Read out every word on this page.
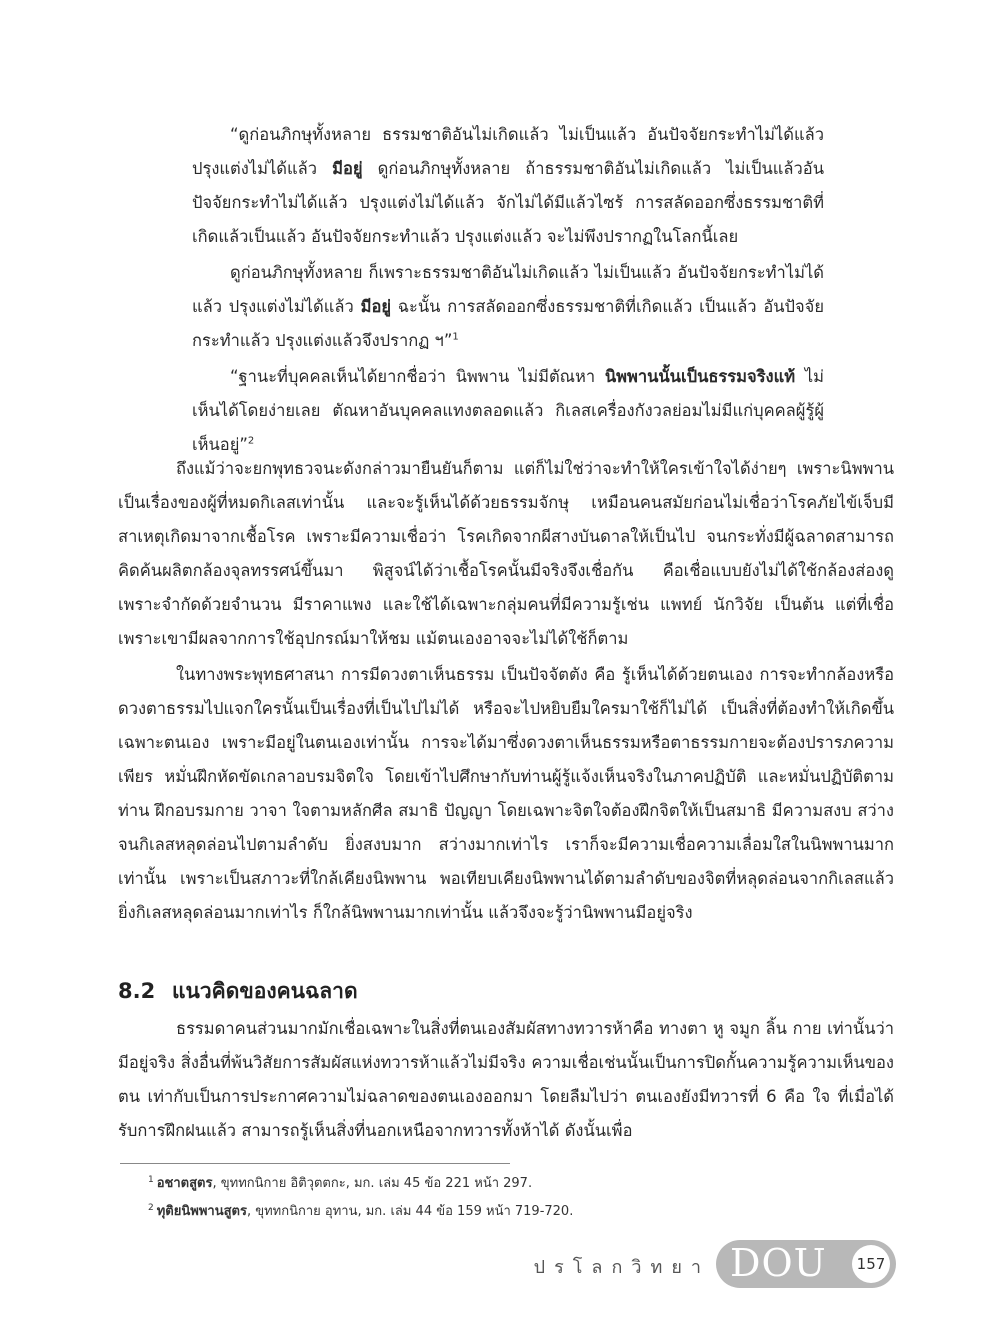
“ดูก่อนภิกษุทั้งหลาย ธรรมชาติอันไม่เกิดแล้ว ไม่เป็นแล้ว อันปัจจัยกระทำไม่ได้แล้ว ปรุงแต่งไม่ได้แล้ว มีอยู่ ดูก่อนภิกษุทั้งหลาย ถ้าธรรมชาติอันไม่เกิดแล้ว ไม่เป็นแล้วอันปัจจัยกระทำไม่ได้แล้ว ปรุงแต่งไม่ได้แล้ว จักไม่ได้มีแล้วไซร้ การสลัดออกซึ่งธรรมชาติที่เกิดแล้วเป็นแล้ว อันปัจจัยกระทำแล้ว ปรุงแต่งแล้ว จะไม่พึงปรากฏในโลกนี้เลย

ดูก่อนภิกษุทั้งหลาย ก็เพราะธรรมชาติอันไม่เกิดแล้ว ไม่เป็นแล้ว อันปัจจัยกระทำไม่ได้แล้ว ปรุงแต่งไม่ได้แล้ว มีอยู่ ฉะนั้น การสลัดออกซึ่งธรรมชาติที่เกิดแล้ว เป็นแล้ว อันปัจจัยกระทำแล้ว ปรุงแต่งแล้วจึงปรากฏ ฯ”$^1$

“ฐานะที่บุคคลเห็นได้ยากชื่อว่า นิพพาน ไม่มีตัณหา นิพพานนั้นเป็นธรรมจริงแท้ ไม่เห็นได้โดยง่ายเลย ตัณหาอันบุคคลแทงตลอดแล้ว กิเลสเครื่องกังวลย่อมไม่มีแก่บุคคลผู้รู้ผู้เห็นอยู่”$^2$

ถึงแม้ว่าจะยกพุทธวจนะดังกล่าวมายืนยันก็ตาม แต่ก็ไม่ใช่ว่าจะทำให้ใครเข้าใจได้ง่ายๆ เพราะนิพพานเป็นเรื่องของผู้ที่หมดกิเลสเท่านั้น และจะรู้เห็นได้ด้วยธรรมจักษุ เหมือนคนสมัยก่อนไม่เชื่อว่าโรคภัยไข้เจ็บมีสาเหตุเกิดมาจากเชื้อโรค เพราะมีความเชื่อว่า โรคเกิดจากผีสางบันดาลให้เป็นไป จนกระทั่งมีผู้ฉลาดสามารถคิดค้นผลิตกล้องจุลทรรศน์ขึ้นมา พิสูจน์ได้ว่าเชื้อโรคนั้นมีจริงจึงเชื่อกัน คือเชื่อแบบยังไม่ได้ใช้กล้องส่องดู เพราะจำกัดด้วยจำนวน มีราคาแพง และใช้ได้เฉพาะกลุ่มคนที่มีความรู้เช่น แพทย์ นักวิจัย เป็นต้น แต่ที่เชื่อเพราะเขามีผลจากการใช้อุปกรณ์มาให้ชม แม้ตนเองอาจจะไม่ได้ใช้ก็ตาม

ในทางพระพุทธศาสนา การมีดวงตาเห็นธรรม เป็นปัจจัตตัง คือ รู้เห็นได้ด้วยตนเอง การจะทำกล้องหรือดวงตาธรรมไปแจกใครนั้นเป็นเรื่องที่เป็นไปไม่ได้ หรือจะไปหยิบยืมใครมาใช้ก็ไม่ได้ เป็นสิ่งที่ต้องทำให้เกิดขึ้นเฉพาะตนเอง เพราะมีอยู่ในตนเองเท่านั้น การจะได้มาซึ่งดวงตาเห็นธรรมหรือตาธรรมกายจะต้องปรารภความเพียร หมั่นฝึกหัดขัดเกลาอบรมจิตใจ โดยเข้าไปศึกษากับท่านผู้รู้แจ้งเห็นจริงในภาคปฏิบัติ และหมั่นปฏิบัติตามท่าน ฝึกอบรมกาย วาจา ใจตามหลักศีล สมาธิ ปัญญา โดยเฉพาะจิตใจต้องฝึกจิตให้เป็นสมาธิ มีความสงบ สว่าง จนกิเลสหลุดล่อนไปตามลำดับ ยิ่งสงบมาก สว่างมากเท่าไร เราก็จะมีความเชื่อความเลื่อมใสในนิพพานมากเท่านั้น เพราะเป็นสภาวะที่ใกล้เคียงนิพพาน พอเทียบเคียงนิพพานได้ตามลำดับของจิตที่หลุดล่อนจากกิเลสแล้ว ยิ่งกิเลสหลุดล่อนมากเท่าไร ก็ใกล้นิพพานมากเท่านั้น แล้วจึงจะรู้ว่านิพพานมีอยู่จริง

8.2 แนวคิดของคนฉลาด

ธรรมดาคนส่วนมากมักเชื่อเฉพาะในสิ่งที่ตนเองสัมผัสทางทวารห้าคือ ทางตา หู จมูก ลิ้น กาย เท่านั้นว่า มีอยู่จริง สิ่งอื่นที่พ้นวิสัยการสัมผัสแห่งทวารห้าแล้วไม่มีจริง ความเชื่อเช่นนั้นเป็นการปิดกั้นความรู้ความเห็นของตน เท่ากับเป็นการประกาศความไม่ฉลาดของตนเองออกมา โดยลืมไปว่า ตนเองยังมีทวารที่ 6 คือ ใจ ที่เมื่อได้รับการฝึกฝนแล้ว สามารถรู้เห็นสิ่งที่นอกเหนือจากทวารทั้งห้าได้ ดังนั้นเพื่อ

$^1$ อชาตสูตร, ขุททกนิกาย อิติวุตตกะ, มก. เล่ม 45 ข้อ 221 หน้า 297.
$^2$ ทุติยนิพพานสูตร, ขุททกนิกาย อุทาน, มก. เล่ม 44 ข้อ 159 หน้า 719-720.
ปรโลกวิทยา DOU	157
